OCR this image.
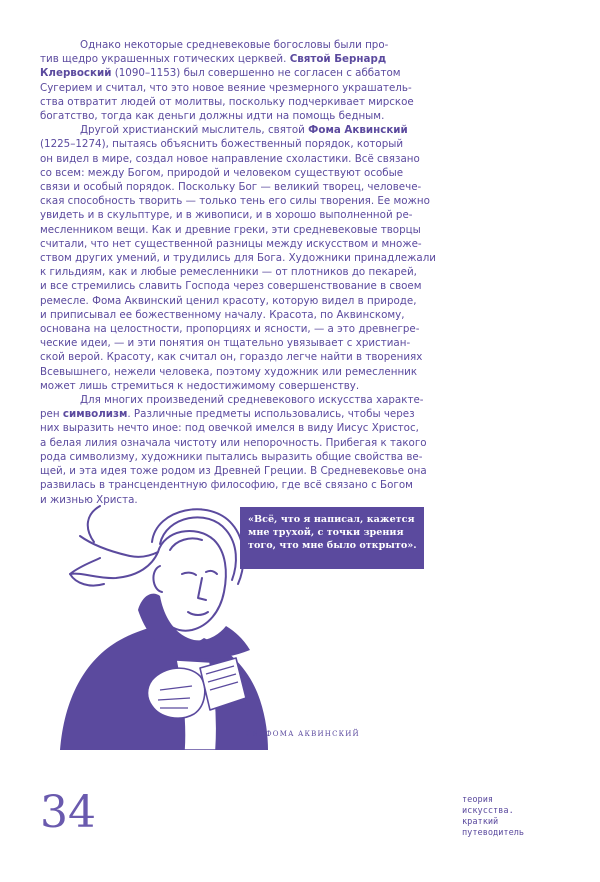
Однако некоторые средневековые богословы были про-
тив щедро украшенных готических церквей. Святой Бернард
Клервоский (1090–1153) был совершенно не согласен с аббатом
Сугерием и считал, что это новое веяние чрезмерного украшатель-
ства отвратит людей от молитвы, поскольку подчеркивает мирское
богатство, тогда как деньги должны идти на помощь бедным.

Другой христианский мыслитель, святой Фома Аквинский
(1225–1274), пытаясь объяснить божественный порядок, который
он видел в мире, создал новое направление схоластики. Всё связано
со всем: между Богом, природой и человеком существуют особые
связи и особый порядок. Поскольку Бог — великий творец, человече-
ская способность творить — только тень его силы творения. Ее можно
увидеть и в скульптуре, и в живописи, и в хорошо выполненной ре-
месленником вещи. Как и древние греки, эти средневековые творцы
считали, что нет существенной разницы между искусством и множе-
ством других умений, и трудились для Бога. Художники принадлежали
к гильдиям, как и любые ремесленники — от плотников до пекарей,
и все стремились славить Господа через совершенствование в своем
ремесле. Фома Аквинский ценил красоту, которую видел в природе,
и приписывал ее божественному началу. Красота, по Аквинскому,
основана на целостности, пропорциях и ясности, — а это древнегре-
ческие идеи, — и эти понятия он тщательно увязывает с христиан-
ской верой. Красоту, как считал он, гораздо легче найти в творениях
Всевышнего, нежели человека, поэтому художник или ремесленник
может лишь стремиться к недостижимому совершенству.

Для многих произведений средневекового искусства характе-
рен символизм. Различные предметы использовались, чтобы через
них выразить нечто иное: под овечкой имелся в виду Иисус Христос,
а белая лилия означала чистоту или непорочность. Прибегая к такого
рода символизму, художники пытались выразить общие свойства ве-
щей, и эта идея тоже родом из Древней Греции. В Средневековье она
развилась в трансцендентную философию, где всё связано с Богом
и жизнью Христа.

«Всё, что я написал, кажется
мне трухой, с точки зрения
того, что мне было открыто».
СВ. ФОМА АКВИНСКИЙ
34	теория
искусства.
краткий
путеводитель
